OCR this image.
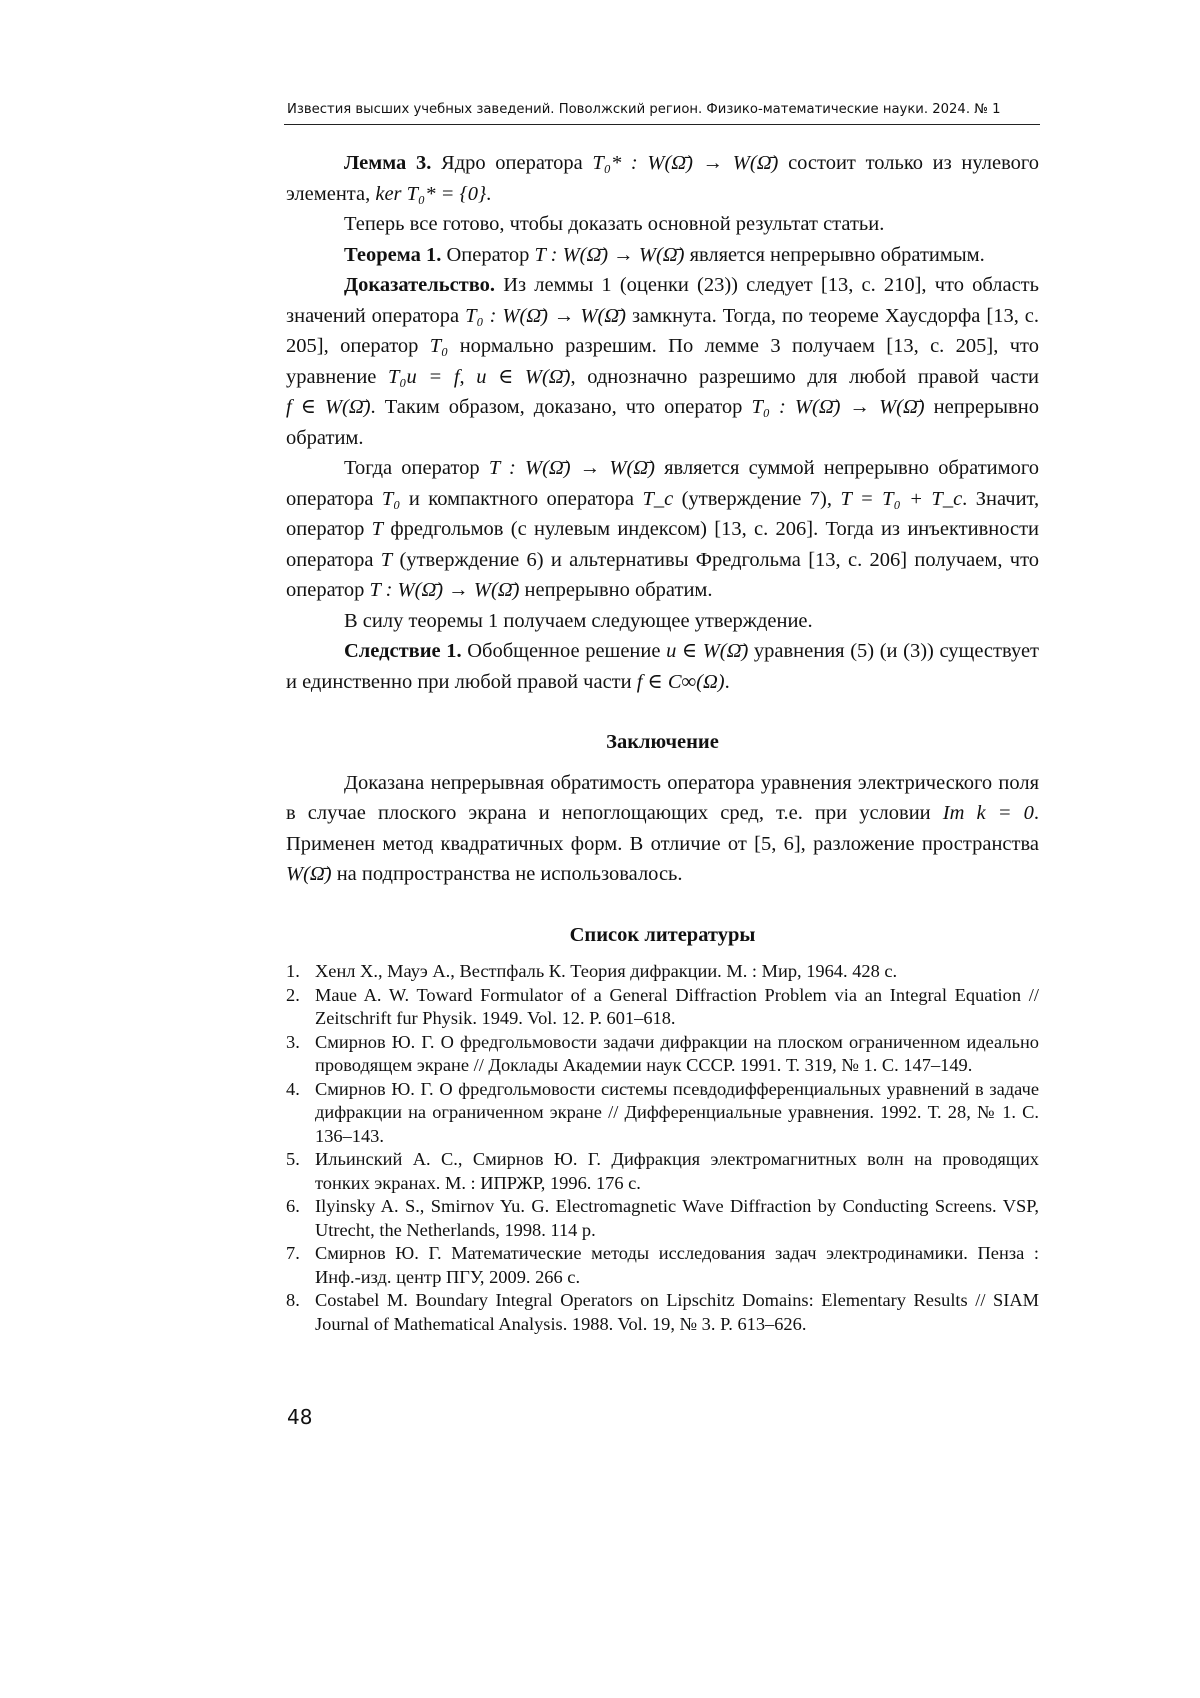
Известия высших учебных заведений. Поволжский регион. Физико-математические науки. 2024. № 1

Лемма 3. Ядро оператора T₀* : W(Ω̄) → W(Ω̄) состоит только из нулевого элемента, ker T₀* = {0}.

Теперь все готово, чтобы доказать основной результат статьи.

Теорема 1. Оператор T : W(Ω̄) → W(Ω̄) является непрерывно обратимым.

Доказательство. Из леммы 1 (оценки (23)) следует [13, с. 210], что область значений оператора T₀ : W(Ω̄) → W(Ω̄) замкнута. Тогда, по теореме Хаусдорфа [13, с. 205], оператор T₀ нормально разрешим. По лемме 3 получаем [13, с. 205], что уравнение T₀u = f, u ∈ W(Ω̄), однозначно разрешимо для любой правой части f ∈ W(Ω̄). Таким образом, доказано, что оператор T₀ : W(Ω̄) → W(Ω̄) непрерывно обратим.

Тогда оператор T : W(Ω̄) → W(Ω̄) является суммой непрерывно обратимого оператора T₀ и компактного оператора T_c (утверждение 7), T = T₀ + T_c. Значит, оператор T фредгольмов (с нулевым индексом) [13, с. 206]. Тогда из инъективности оператора T (утверждение 6) и альтернативы Фредгольма [13, с. 206] получаем, что оператор T : W(Ω̄) → W(Ω̄) непрерывно обратим.

В силу теоремы 1 получаем следующее утверждение.

Следствие 1. Обобщенное решение u ∈ W(Ω̄) уравнения (5) (и (3)) существует и единственно при любой правой части f ∈ C∞(Ω).

Заключение

Доказана непрерывная обратимость оператора уравнения электрического поля в случае плоского экрана и непоглощающих сред, т.е. при условии Im k = 0. Применен метод квадратичных форм. В отличие от [5, 6], разложение пространства W(Ω̄) на подпространства не использовалось.

Список литературы
1. Хенл Х., Мауэ А., Вестпфаль К. Теория дифракции. М. : Мир, 1964. 428 с.
2. Maue A. W. Toward Formulator of a General Diffraction Problem via an Integral Equation // Zeitschrift fur Physik. 1949. Vol. 12. P. 601–618.
3. Смирнов Ю. Г. О фредгольмовости задачи дифракции на плоском ограниченном идеально проводящем экране // Доклады Академии наук СССР. 1991. Т. 319, № 1. С. 147–149.
4. Смирнов Ю. Г. О фредгольмовости системы псевдодифференциальных уравнений в задаче дифракции на ограниченном экране // Дифференциальные уравнения. 1992. Т. 28, № 1. С. 136–143.
5. Ильинский А. С., Смирнов Ю. Г. Дифракция электромагнитных волн на проводящих тонких экранах. М. : ИПРЖР, 1996. 176 с.
6. Ilyinsky A. S., Smirnov Yu. G. Electromagnetic Wave Diffraction by Conducting Screens. VSP, Utrecht, the Netherlands, 1998. 114 p.
7. Смирнов Ю. Г. Математические методы исследования задач электродинамики. Пенза : Инф.-изд. центр ПГУ, 2009. 266 с.
8. Costabel M. Boundary Integral Operators on Lipschitz Domains: Elementary Results // SIAM Journal of Mathematical Analysis. 1988. Vol. 19, № 3. P. 613–626.
48
